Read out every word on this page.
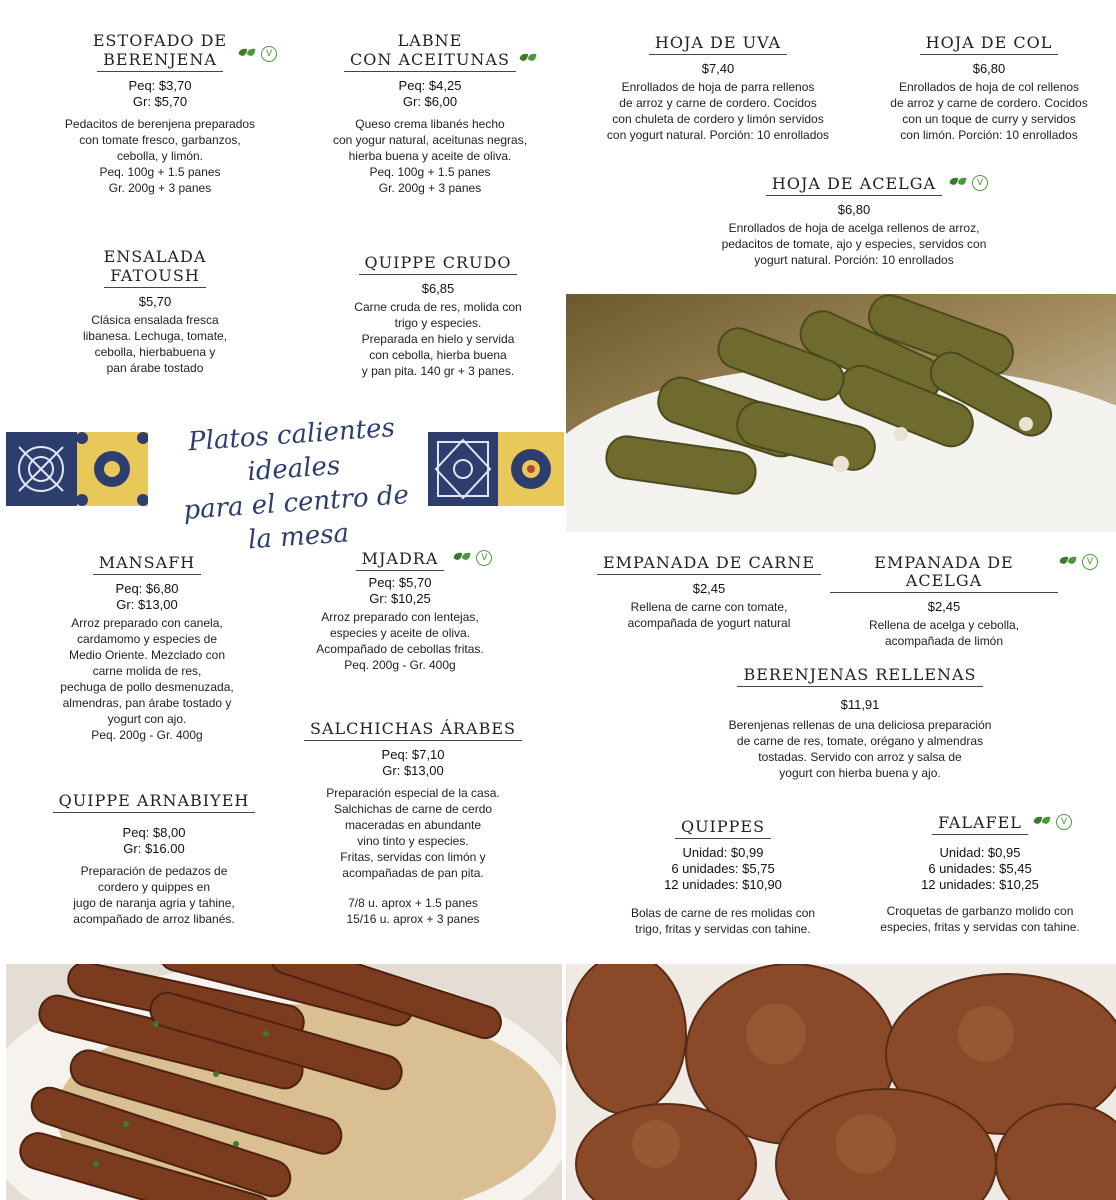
ESTOFADO DE
BERENJENA	V
Peq: $3,70
Gr: $5,70
Pedacitos de berenjena preparados
con tomate fresco, garbanzos,
cebolla, y limón.
Peq. 100g + 1.5 panes
Gr. 200g + 3 panes
LABNE
CON ACEITUNAS
Peq: $4,25
Gr: $6,00
Queso crema libanés hecho
con yogur natural, aceitunas negras,
hierba buena y aceite de oliva.
Peq. 100g + 1.5 panes
Gr. 200g + 3 panes
HOJA DE UVA
$7,40
Enrollados de hoja de parra rellenos
de arroz y carne de cordero. Cocidos
con chuleta de cordero y limón servidos
con yogurt natural. Porción: 10 enrollados
HOJA DE COL
$6,80
Enrollados de hoja de col rellenos
de arroz y carne de cordero. Cocidos
con un toque de curry y servidos
con limón. Porción: 10 enrollados
HOJA DE ACELGA	V
$6,80
Enrollados de hoja de acelga rellenos de arroz,
pedacitos de tomate, ajo y especies, servidos con
yogurt natural. Porción: 10 enrollados
ENSALADA
FATOUSH
$5,70
Clásica ensalada fresca
libanesa. Lechuga, tomate,
cebolla, hierbabuena y
pan árabe tostado
QUIPPE CRUDO
$6,85
Carne cruda de res, molida con
trigo y especies.
Preparada en hielo y servida
con cebolla, hierba buena
y pan pita. 140 gr + 3 panes.
Platos calientes ideales
para el centro de
la mesa
MANSAFH
Peq: $6,80
Gr: $13,00
Arroz preparado con canela,
cardamomo y especies de
Medio Oriente. Mezclado con
carne molida de res,
pechuga de pollo desmenuzada,
almendras, pan árabe tostado y
yogurt con ajo.
Peq. 200g - Gr. 400g
MJADRA	V
Peq: $5,70
Gr: $10,25
Arroz preparado con lentejas,
especies y aceite de oliva.
Acompañado de cebollas fritas.
Peq. 200g - Gr. 400g
SALCHICHAS ÁRABES
Peq: $7,10
Gr: $13,00
Preparación especial de la casa.
Salchichas de carne de cerdo
maceradas en abundante
vino tinto y especies.
Fritas, servidas con limón y
acompañadas de pan pita.
7/8 u. aprox + 1.5 panes
15/16 u. aprox + 3 panes
QUIPPE ARNABIYEH
Peq: $8,00
Gr: $16.00
Preparación de pedazos de
cordero y quippes en
jugo de naranja agria y tahine,
acompañado de arroz libanés.
EMPANADA DE CARNE
$2,45
Rellena de carne con tomate,
acompañada de yogurt natural
EMPANADA DE ACELGA
V
$2,45
Rellena de acelga y cebolla,
acompañada de limón
BERENJENAS RELLENAS
$11,91
Berenjenas rellenas de una deliciosa preparación
de carne de res, tomate, orégano y almendras
tostadas. Servido con arroz y salsa de
yogurt con hierba buena y ajo.
QUIPPES
Unidad: $0,99
6 unidades: $5,75
12 unidades: $10,90
Bolas de carne de res molidas con
trigo, fritas y servidas con tahine.
FALAFEL	V
Unidad: $0,95
6 unidades: $5,45
12 unidades: $10,25
Croquetas de garbanzo molido con
especies, fritas y servidas con tahine.
